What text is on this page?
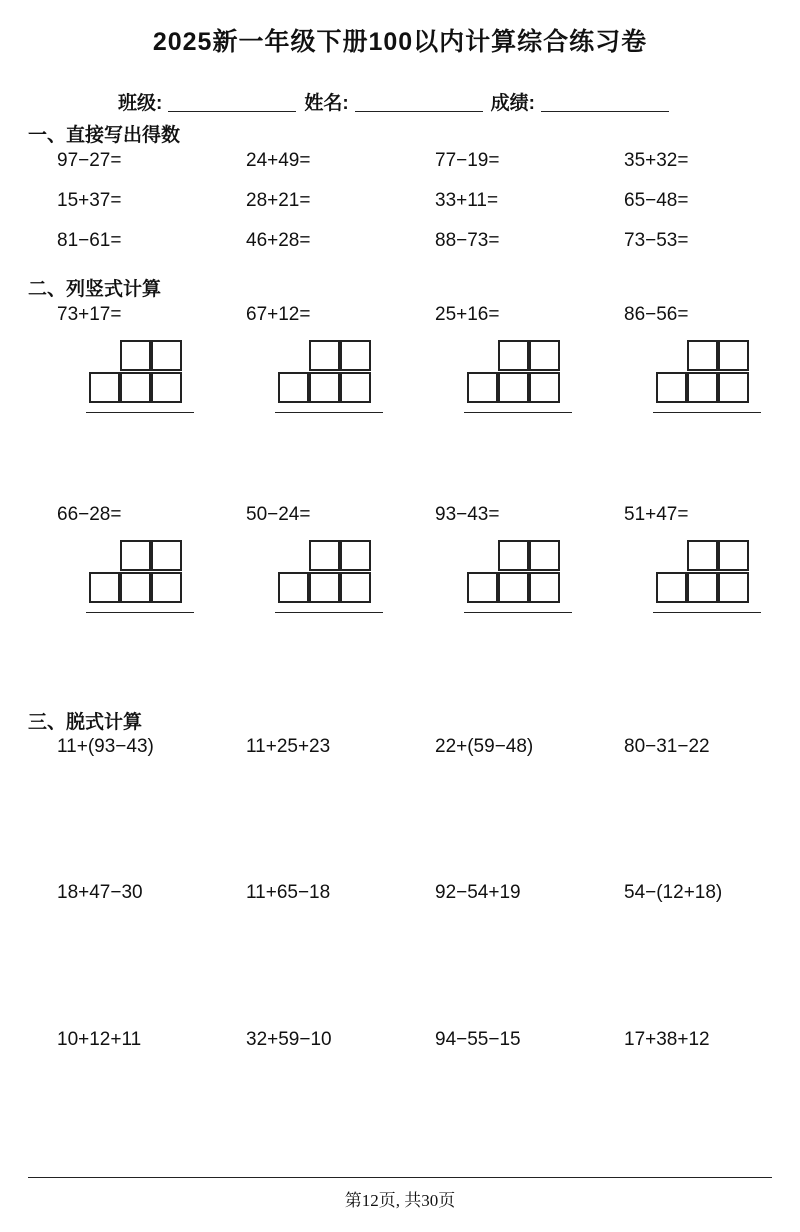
2025新一年级下册100以内计算综合练习卷
班级:	姓名:	成绩:
一、直接写出得数
97−27=	24+49=	77−19=	35+32=
15+37=	28+21=	33+11=	65−48=
81−61=	46+28=	88−73=	73−53=
二、列竖式计算
73+17=	67+12=	25+16=	86−56=
66−28=	50−24=	93−43=	51+47=
三、脱式计算
11+(93−43)	11+25+23	22+(59−48)	80−31−22
18+47−30	11+65−18	92−54+19	54−(12+18)
10+12+11	32+59−10	94−55−15	17+38+12
第12页, 共30页
